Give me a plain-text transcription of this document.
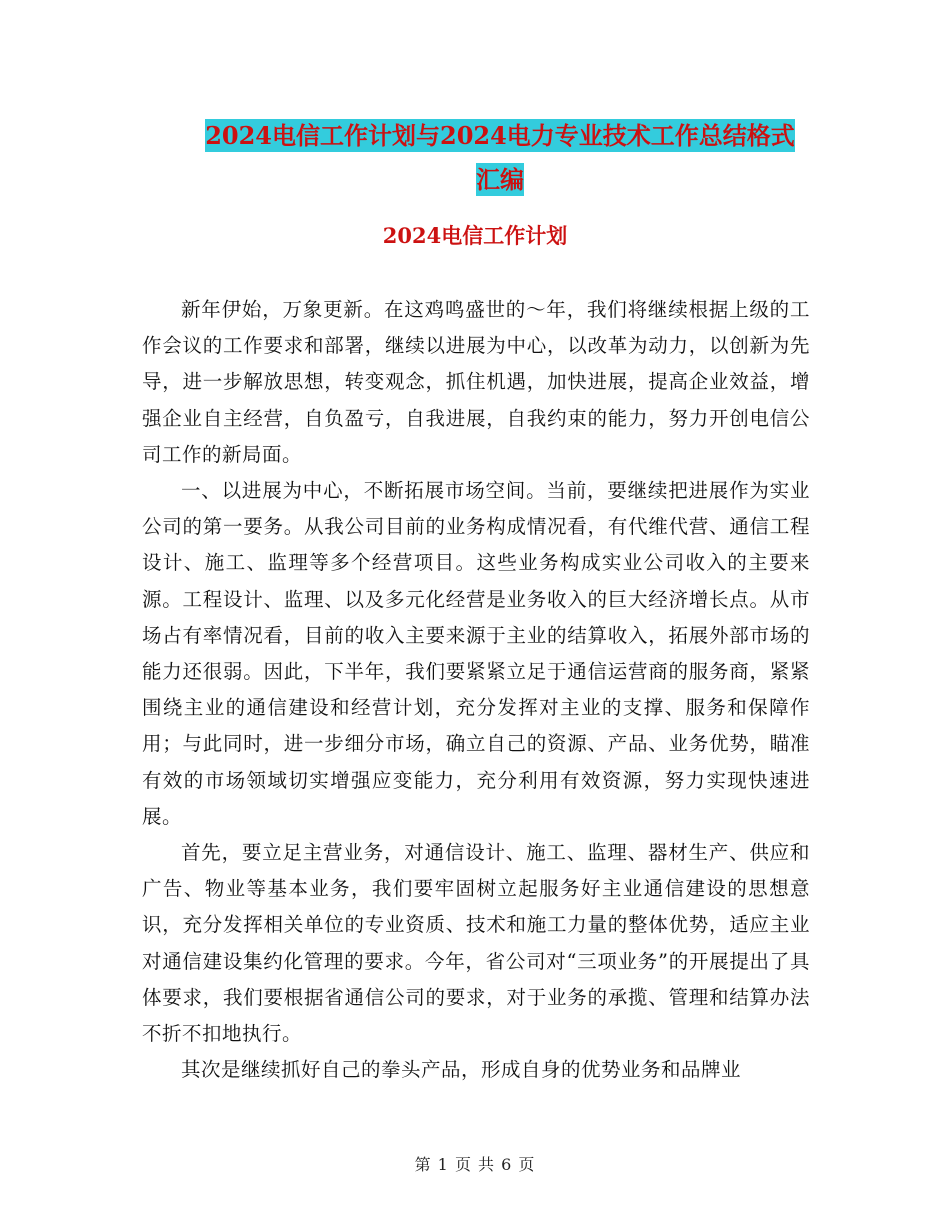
2024电信工作计划与2024电力专业技术工作总结格式
汇编
2024电信工作计划

新年伊始，万象更新。在这鸡鸣盛世的～年，我们将继续根据上级的工作会议的工作要求和部署，继续以进展为中心，以改革为动力，以创新为先导，进一步解放思想，转变观念，抓住机遇，加快进展，提高企业效益，增强企业自主经营，自负盈亏，自我进展，自我约束的能力，努力开创电信公司工作的新局面。

一、以进展为中心，不断拓展市场空间。当前，要继续把进展作为实业公司的第一要务。从我公司目前的业务构成情况看，有代维代营、通信工程设计、施工、监理等多个经营项目。这些业务构成实业公司收入的主要来源。工程设计、监理、以及多元化经营是业务收入的巨大经济增长点。从市场占有率情况看，目前的收入主要来源于主业的结算收入，拓展外部市场的能力还很弱。因此，下半年，我们要紧紧立足于通信运营商的服务商，紧紧围绕主业的通信建设和经营计划，充分发挥对主业的支撑、服务和保障作用；与此同时，进一步细分市场，确立自己的资源、产品、业务优势，瞄准有效的市场领域切实增强应变能力，充分利用有效资源，努力实现快速进展。

首先，要立足主营业务，对通信设计、施工、监理、器材生产、供应和广告、物业等基本业务，我们要牢固树立起服务好主业通信建设的思想意识，充分发挥相关单位的专业资质、技术和施工力量的整体优势，适应主业对通信建设集约化管理的要求。今年，省公司对“三项业务”的开展提出了具体要求，我们要根据省通信公司的要求，对于业务的承揽、管理和结算办法不折不扣地执行。

其次是继续抓好自己的拳头产品，形成自身的优势业务和品牌业

第 1 页 共 6 页
